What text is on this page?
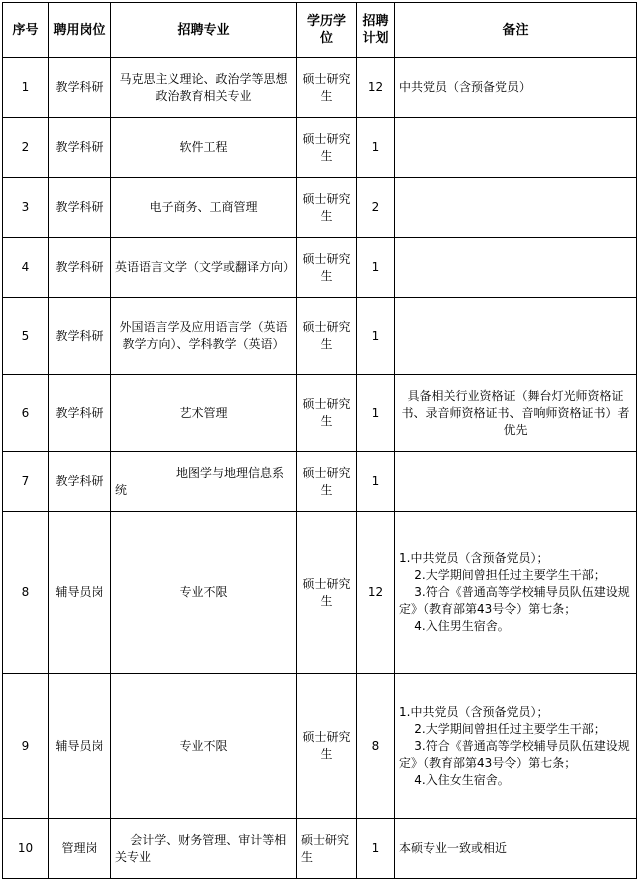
序号	聘用岗位	招聘专业	学历学位	招聘计划	备注
1	教学科研	马克思主义理论、政治学等思想政治教育相关专业	硕士研究生	12	中共党员（含预备党员）
2	教学科研	软件工程	硕士研究生	1	
3	教学科研	电子商务、工商管理	硕士研究生	2	
4	教学科研	英语语言文学（文学或翻译方向）	硕士研究生	1	
5	教学科研	外国语言学及应用语言学（英语教学方向）、学科教学（英语）	硕士研究生	1	
6	教学科研	艺术管理	硕士研究生	1	具备相关行业资格证（舞台灯光师资格证书、录音师资格证书、音响师资格证书）者优先
7	教学科研	地图学与地理信息系统	硕士研究生	1	
8	辅导员岗	专业不限	硕士研究生	12	1.中共党员（含预备党员）；
2.大学期间曾担任过主要学生干部；
3.符合《普通高等学校辅导员队伍建设规定》（教育部第43号令）第七条；
4.入住男生宿舍。
9	辅导员岗	专业不限	硕士研究生	8	1.中共党员（含预备党员）；
2.大学期间曾担任过主要学生干部；
3.符合《普通高等学校辅导员队伍建设规定》（教育部第43号令）第七条；
4.入住女生宿舍。
10	管理岗	会计学、财务管理、审计等相关专业	硕士研究生	1	本硕专业一致或相近
